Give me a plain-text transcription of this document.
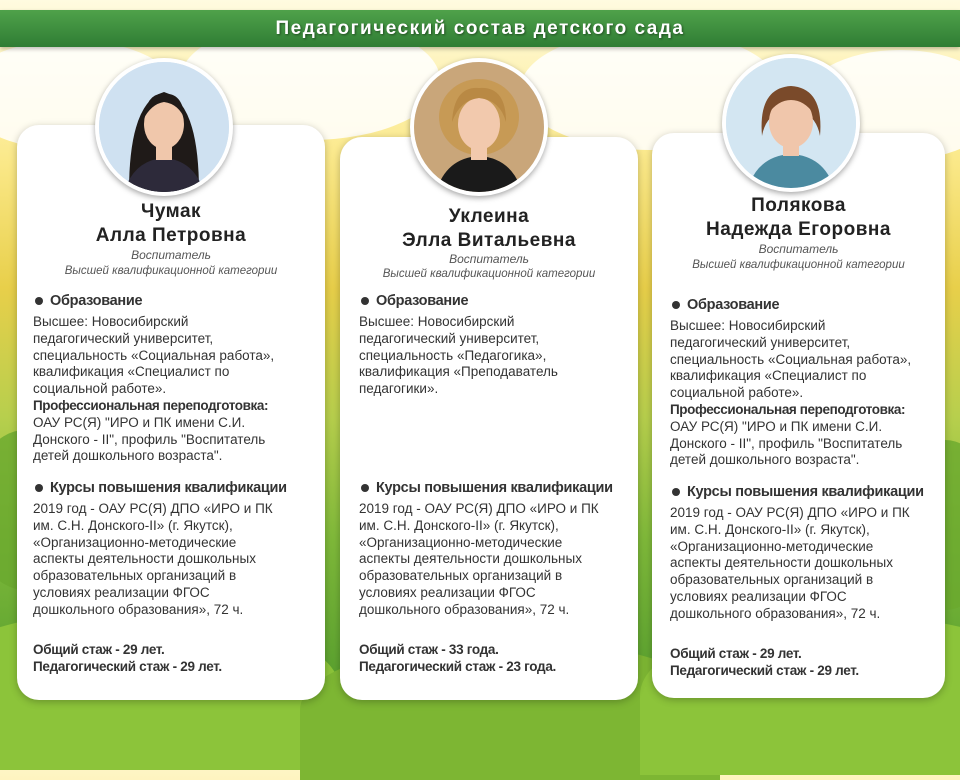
Педагогический состав детского сада
Чумак
Алла Петровна
Воспитатель
Высшей квалификационной категории
Образование
Высшее: Новосибирский
педагогический университет,
специальность «Социальная работа»,
квалификация «Специалист по
социальной работе».
Профессиональная переподготовка:
ОАУ РС(Я) "ИРО и ПК имени С.И.
Донского - II", профиль "Воспитатель
детей дошкольного возраста".
Курсы повышения квалификации
2019 год - ОАУ РС(Я) ДПО «ИРО и ПК
им. С.Н. Донского-II» (г. Якутск),
«Организационно-методические
аспекты деятельности дошкольных
образовательных организаций в
условиях реализации ФГОС
дошкольного образования», 72 ч.
Общий стаж - 29 лет.
Педагогический стаж - 29 лет.
Уклеина
Элла Витальевна
Воспитатель
Высшей квалификационной категории
Образование
Высшее: Новосибирский
педагогический университет,
специальность «Педагогика»,
квалификация «Преподаватель
педагогики».
Курсы повышения квалификации
2019 год - ОАУ РС(Я) ДПО «ИРО и ПК
им. С.Н. Донского-II» (г. Якутск),
«Организационно-методические
аспекты деятельности дошкольных
образовательных организаций в
условиях реализации ФГОС
дошкольного образования», 72 ч.
Общий стаж - 33 года.
Педагогический стаж - 23 года.
Полякова
Надежда Егоровна
Воспитатель
Высшей квалификационной категории
Образование
Высшее: Новосибирский
педагогический университет,
специальность «Социальная работа»,
квалификация «Специалист по
социальной работе».
Профессиональная переподготовка:
ОАУ РС(Я) "ИРО и ПК имени С.И.
Донского - II", профиль "Воспитатель
детей дошкольного возраста".
Курсы повышения квалификации
2019 год - ОАУ РС(Я) ДПО «ИРО и ПК
им. С.Н. Донского-II» (г. Якутск),
«Организационно-методические
аспекты деятельности дошкольных
образовательных организаций в
условиях реализации ФГОС
дошкольного образования», 72 ч.
Общий стаж - 29 лет.
Педагогический стаж - 29 лет.
